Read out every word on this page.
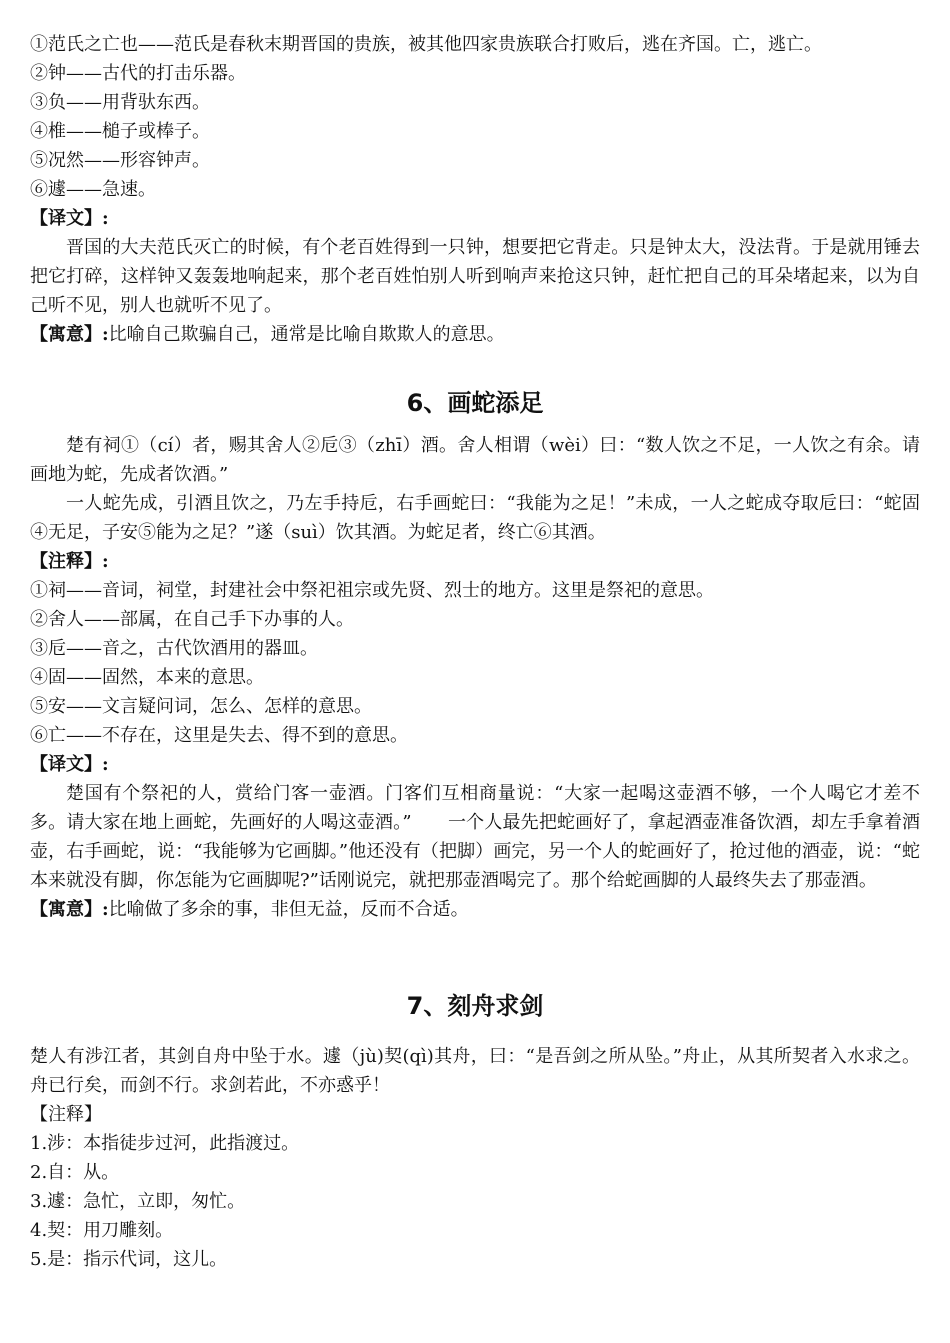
①范氏之亡也——范氏是春秋末期晋国的贵族，被其他四家贵族联合打败后，逃在齐国。亡，逃亡。

②钟——古代的打击乐器。

③负——用背驮东西。

④椎——槌子或棒子。

⑤况然——形容钟声。

⑥遽——急速。

【译文】:

晋国的大夫范氏灭亡的时候，有个老百姓得到一只钟，想要把它背走。只是钟太大，没法背。于是就用锤去把它打碎，这样钟又轰轰地响起来，那个老百姓怕别人听到响声来抢这只钟，赶忙把自己的耳朵堵起来，以为自己听不见，别人也就听不见了。

【寓意】:比喻自己欺骗自己，通常是比喻自欺欺人的意思。

6、画蛇添足

楚有祠①（cí）者，赐其舍人②卮③（zhī）酒。舍人相谓（wèi）曰：“数人饮之不足，一人饮之有余。请画地为蛇，先成者饮酒。”

一人蛇先成，引酒且饮之，乃左手持卮，右手画蛇曰：“我能为之足！”未成，一人之蛇成夺取卮曰：“蛇固④无足，子安⑤能为之足？”遂（suì）饮其酒。为蛇足者，终亡⑥其酒。

【注释】:

①祠——音词，祠堂，封建社会中祭祀祖宗或先贤、烈士的地方。这里是祭祀的意思。

②舍人——部属，在自己手下办事的人。

③卮——音之，古代饮酒用的器皿。

④固——固然，本来的意思。

⑤安——文言疑问词，怎么、怎样的意思。

⑥亡——不存在，这里是失去、得不到的意思。

【译文】:

楚国有个祭祀的人，赏给门客一壶酒。门客们互相商量说：“大家一起喝这壶酒不够，一个人喝它才差不多。请大家在地上画蛇，先画好的人喝这壶酒。”　　一个人最先把蛇画好了，拿起酒壶准备饮酒，却左手拿着酒壶，右手画蛇，说：“我能够为它画脚。”他还没有（把脚）画完，另一个人的蛇画好了，抢过他的酒壶，说：“蛇本来就没有脚，你怎能为它画脚呢?”话刚说完，就把那壶酒喝完了。那个给蛇画脚的人最终失去了那壶酒。

【寓意】:比喻做了多余的事，非但无益，反而不合适。

7、刻舟求剑

楚人有涉江者，其剑自舟中坠于水。遽（jù)契(qì)其舟，曰：“是吾剑之所从坠。”舟止，从其所契者入水求之。舟已行矣，而剑不行。求剑若此，不亦惑乎！

【注释】

1.涉：本指徒步过河，此指渡过。

2.自：从。

3.遽：急忙，立即，匆忙。

4.契：用刀雕刻。

5.是：指示代词，这儿。
